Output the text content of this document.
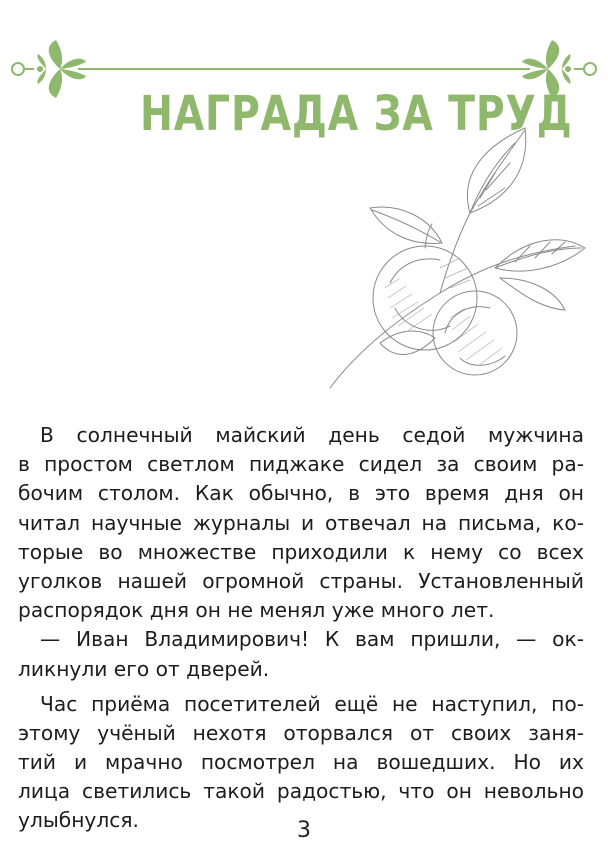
НАГРАДА ЗА ТРУД
В солнечный майский день седой мужчина
в простом светлом пиджаке сидел за своим ра-
бочим столом. Как обычно, в это время дня он
читал научные журналы и отвечал на письма, ко-
торые во множестве приходили к нему со всех
уголков нашей огромной страны. Установленный
распорядок дня он не менял уже много лет.
— Иван Владимирович! К вам пришли, — ок-
ликнули его от дверей.
Час приёма посетителей ещё не наступил, по-
этому учёный нехотя оторвался от своих заня-
тий и мрачно посмотрел на вошедших. Но их
лица светились такой радостью, что он невольно
улыбнулся.	3
